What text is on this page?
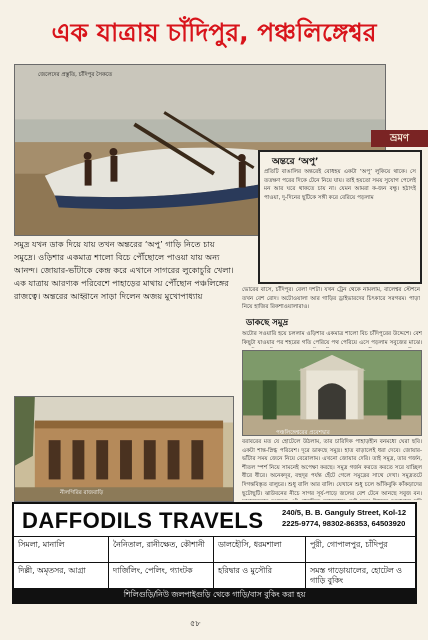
এক যাত্রায় চাঁদিপুর, পঞ্চলিঙ্গেশ্বর
জেলেদের প্রস্তুতি, চাঁদিপুর সৈকতে
ভ্রমণ
অন্তরে ‘অপু’
প্রতিটি বাঙালির অন্তরেই বোধহয় একটা ‘অপু’ লুকিয়ে থাকে। সে ততক্ষণ পরের দিকে টেনে নিয়ে যায়। তাই হয়তো সময় সুযোগ পেলেই মন আর ঘরে থাকতে চায় না। যেমন আমরা ক-জন বন্ধু। হঠাৎই পাওয়া, দু-দিনের ছুটিকে সঙ্গী করে বেরিয়ে পড়লাম
সমুদ্র যখন ডাক দিয়ে যায় তখন অন্তরের ‘অপু’ গাড়ি নিতে চায় সমুদ্রে। ওড়িশার একমাত্র শালো বিচে পৌঁছোলে পাওয়া যায় অন্য আনন্দ। জোয়ার-ভাঁটাকে কেন্দ্র করে এখানে সাগরের লুকোচুরি খেলা। এক যাত্রায় আরণ্যক পরিবেশে পাহাড়ের মাথায় পৌঁছোন পঞ্চলিঙ্গের রাজত্বে। অন্তরের আহ্বানে সাড়া দিলেন অজয় মুখোপাধ্যায়
ভোরের বাসে, চাঁদিপুর। বেলা দশটা। যখন ট্রেন থেকে নামলাম, বালেশ্বর স্টেশনে তখন বেশ রোদ। অটোওয়ালা আর গাড়ির ড্রাইভারদের চিৎকারে সরগরম। পাড়া নিয়ে হাজির রিকশাওয়ালারাও।
ডাকছে সমুদ্র
অটোর সওয়ারি হয়ে চললাম ওড়িশার একমাত্র শালো বিচ চাঁদিপুরের উদ্দেশে। বেশ কিছুটা যাওয়ার পর শহরের গতি পেরিয়ে পথ পেরিয়ে এসে পড়লাম সবুজের মাঝে।
পঞ্চলিঙ্গেশ্বরের প্রবেশদ্বার
নীলগিরির রাজবাড়ি
বরাবরের মত যে হোটেলে উঠলাম, তার চারিদিক পাহাড়হীন বনমধ্যে ঘেরা ছবি। একটা শান্ত-স্নিগ্ধ পরিবেশ। দূরে ডাকছে সমুদ্র। হাত বাড়ালেই ধরা দেবে। জোয়ার-ভাঁটার সময় জেনে নিয়ে বেরোলাম। এখনো জোয়ার দেরি। তাই সমুদ্র, তার গর্জন, শীতল স্পর্শ নিয়ে সামনেই অপেক্ষা করছে। সমুদ্র গর্জন করতে করতে সরে যাচ্ছিল ধীরে ধীরে। অনেকদূর, বহুদূর পর্যন্ত হেঁটে গেলে সমুদ্রের সাথে দেখা। সমুদ্রতটে দিগন্তবিস্তৃত বালুচর। শুধু বালি আর বালি। যেখানে শুধু চলে আঁকিবুকি কাঁকড়াদের ছুটোছুটি। ঝাউবনের নীচে সাগর সূর্য-পাড়ে জলের বেশ টেনে আনছে সবুজ বন।
DAFFODILS TRAVELS 240/5, B. B. Ganguly Street, Kol-12
2225-9774, 98302-86353, 64503920
সিমলা, মানালি	নৈনিতাল, রানীক্ষেত, কৌশানী	ডালহৌসি, ধরমশালা	পুরী, গোপালপুর, চাঁদিপুর
দিল্লী, অমৃতসর, আগ্রা	দার্জিলিং, পেলিং, গ্যাংটক	হরিদ্বার ও মুসৌরি	সমস্ত গাড়োয়ালের, হোটেল ও গাড়ি বুকিং
শিলিগুড়ি/নিউ জলপাইগুড়ি থেকে গাড়ি/বাস বুকিং করা হয়
৫৮
